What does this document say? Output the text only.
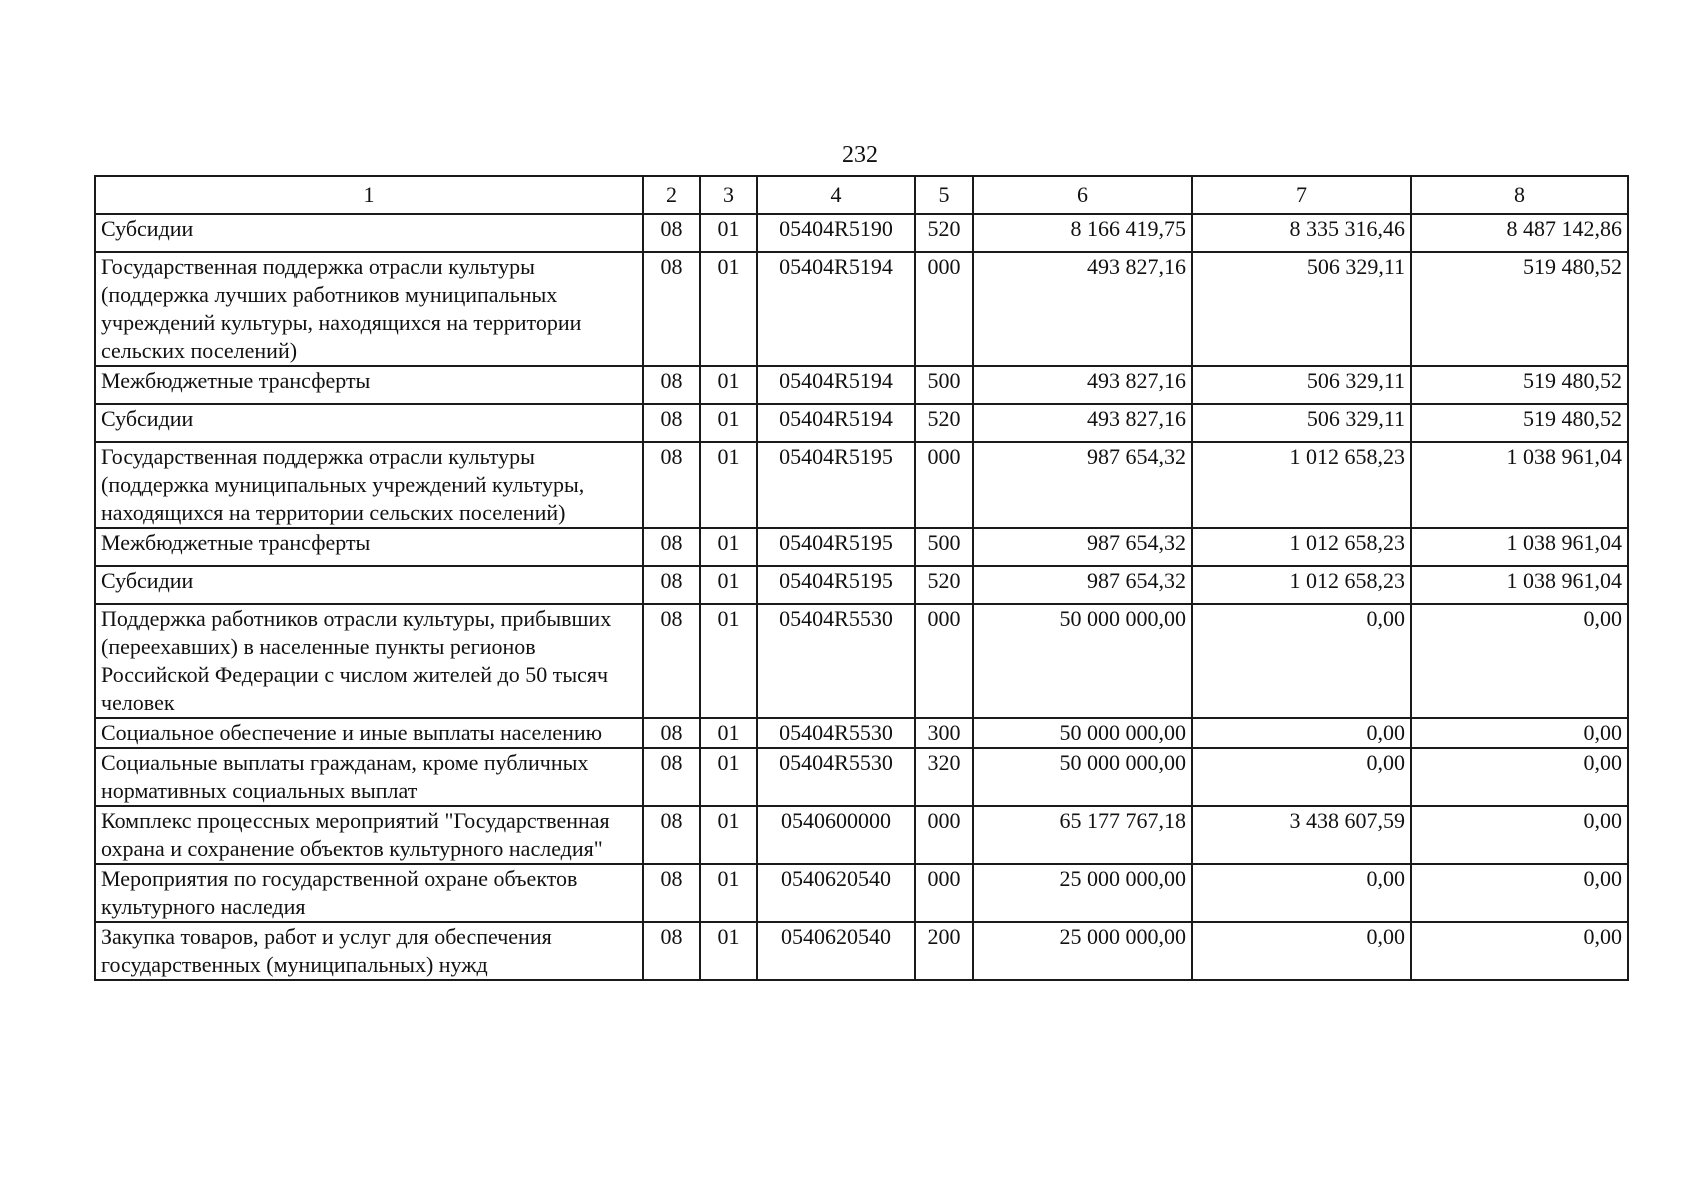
232
1	2	3	4	5	6	7	8
Субсидии	08	01	05404R5190	520	8 166 419,75	8 335 316,46	8 487 142,86
Государственная поддержка отрасли культуры (поддержка лучших работников муниципальных учреждений культуры, находящихся на территории сельских поселений)	08	01	05404R5194	000	493 827,16	506 329,11	519 480,52
Межбюджетные трансферты	08	01	05404R5194	500	493 827,16	506 329,11	519 480,52
Субсидии	08	01	05404R5194	520	493 827,16	506 329,11	519 480,52
Государственная поддержка отрасли культуры (поддержка муниципальных учреждений культуры, находящихся на территории сельских поселений)	08	01	05404R5195	000	987 654,32	1 012 658,23	1 038 961,04
Межбюджетные трансферты	08	01	05404R5195	500	987 654,32	1 012 658,23	1 038 961,04
Субсидии	08	01	05404R5195	520	987 654,32	1 012 658,23	1 038 961,04
Поддержка работников отрасли культуры, прибывших (переехавших) в населенные пункты регионов Российской Федерации с числом жителей до 50 тысяч человек	08	01	05404R5530	000	50 000 000,00	0,00	0,00
Социальное обеспечение и иные выплаты населению	08	01	05404R5530	300	50 000 000,00	0,00	0,00
Социальные выплаты гражданам, кроме публичных нормативных социальных выплат	08	01	05404R5530	320	50 000 000,00	0,00	0,00
Комплекс процессных мероприятий "Государственная охрана и сохранение объектов культурного наследия"	08	01	0540600000	000	65 177 767,18	3 438 607,59	0,00
Мероприятия по государственной охране объектов культурного наследия	08	01	0540620540	000	25 000 000,00	0,00	0,00
Закупка товаров, работ и услуг для обеспечения государственных (муниципальных) нужд	08	01	0540620540	200	25 000 000,00	0,00	0,00
